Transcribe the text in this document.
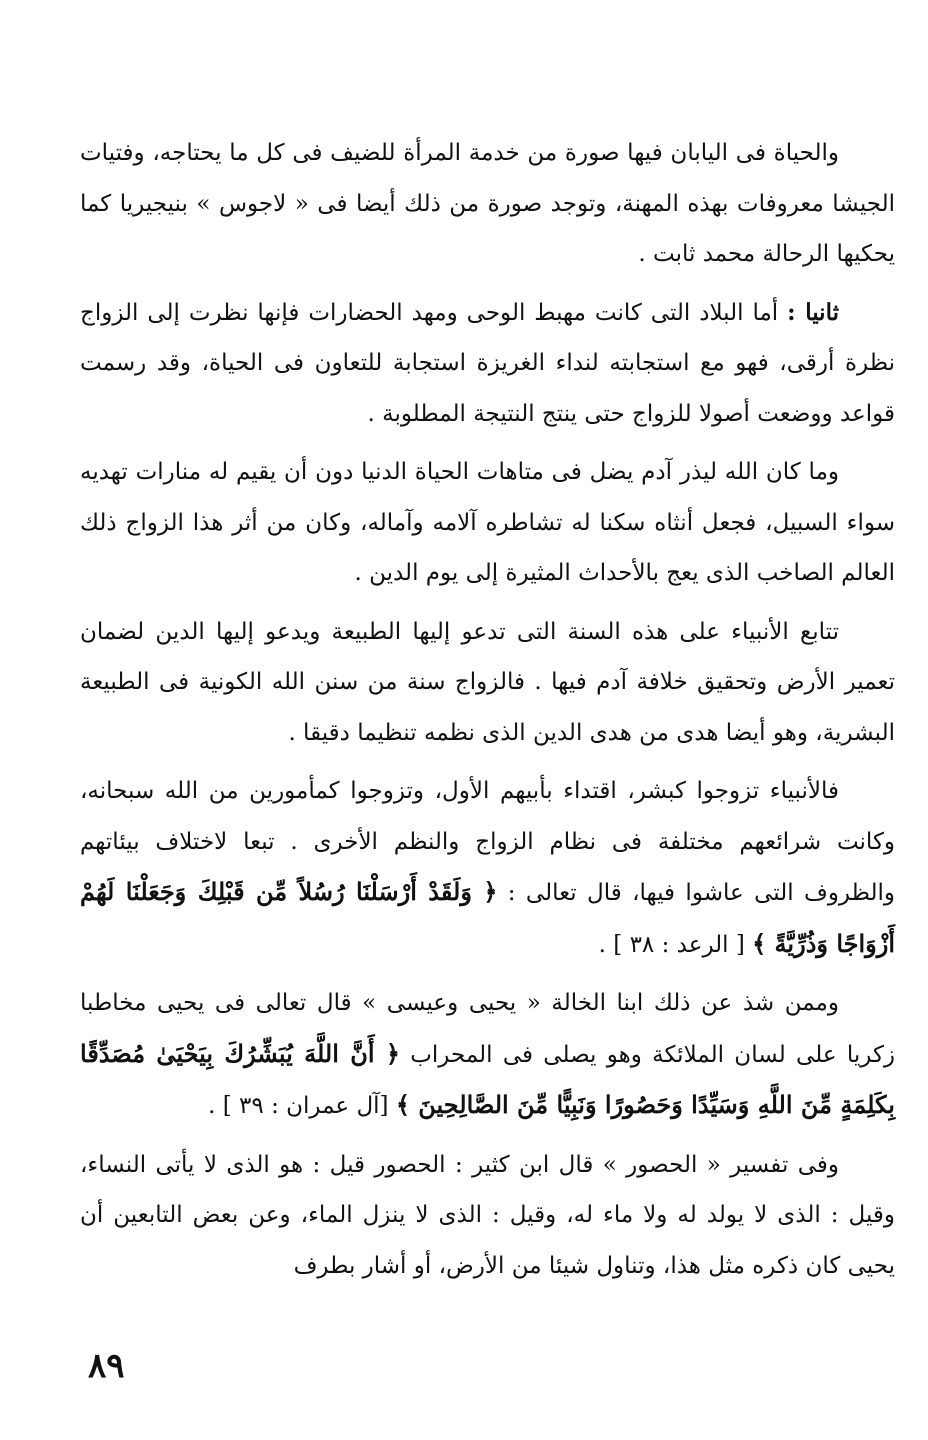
والحياة فى اليابان فيها صورة من خدمة المرأة للضيف فى كل ما يحتاجه، وفتيات الجيشا معروفات بهذه المهنة، وتوجد صورة من ذلك أيضا فى « لاجوس » بنيجيريا كما يحكيها الرحالة محمد ثابت .

ثانيا : أما البلاد التى كانت مهبط الوحى ومهد الحضارات فإنها نظرت إلى الزواج نظرة أرقى، فهو مع استجابته لنداء الغريزة استجابة للتعاون فى الحياة، وقد رسمت قواعد ووضعت أصولا للزواج حتى ينتج النتيجة المطلوبة .

وما كان الله ليذر آدم يضل فى متاهات الحياة الدنيا دون أن يقيم له منارات تهديه سواء السبيل، فجعل أنثاه سكنا له تشاطره آلامه وآماله، وكان من أثر هذا الزواج ذلك العالم الصاخب الذى يعج بالأحداث المثيرة إلى يوم الدين .

تتابع الأنبياء على هذه السنة التى تدعو إليها الطبيعة ويدعو إليها الدين لضمان تعمير الأرض وتحقيق خلافة آدم فيها . فالزواج سنة من سنن الله الكونية فى الطبيعة البشرية، وهو أيضا هدى من هدى الدين الذى نظمه تنظيما دقيقا .

فالأنبياء تزوجوا كبشر، اقتداء بأبيهم الأول، وتزوجوا كمأمورين من الله سبحانه، وكانت شرائعهم مختلفة فى نظام الزواج والنظم الأخرى . تبعا لاختلاف بيئاتهم والظروف التى عاشوا فيها، قال تعالى : ﴿ وَلَقَدْ أَرْسَلْنَا رُسُلاً مِّن قَبْلِكَ وَجَعَلْنَا لَهُمْ أَزْوَاجًا وَذُرِّيَّةً ﴾ [ الرعد : ٣٨ ] .

وممن شذ عن ذلك ابنا الخالة « يحيى وعيسى » قال تعالى فى يحيى مخاطبا زكريا على لسان الملائكة وهو يصلى فى المحراب ﴿ أَنَّ اللَّهَ يُبَشِّرُكَ بِيَحْيَىٰ مُصَدِّقًا بِكَلِمَةٍ مِّنَ اللَّهِ وَسَيِّدًا وَحَصُورًا وَنَبِيًّا مِّنَ الصَّالِحِينَ ﴾ [آل عمران : ٣٩ ] .

وفى تفسير « الحصور » قال ابن كثير : الحصور قيل : هو الذى لا يأتى النساء، وقيل : الذى لا يولد له ولا ماء له، وقيل : الذى لا ينزل الماء، وعن بعض التابعين أن يحيى كان ذكره مثل هذا، وتناول شيئا من الأرض، أو أشار بطرف

٨٩
